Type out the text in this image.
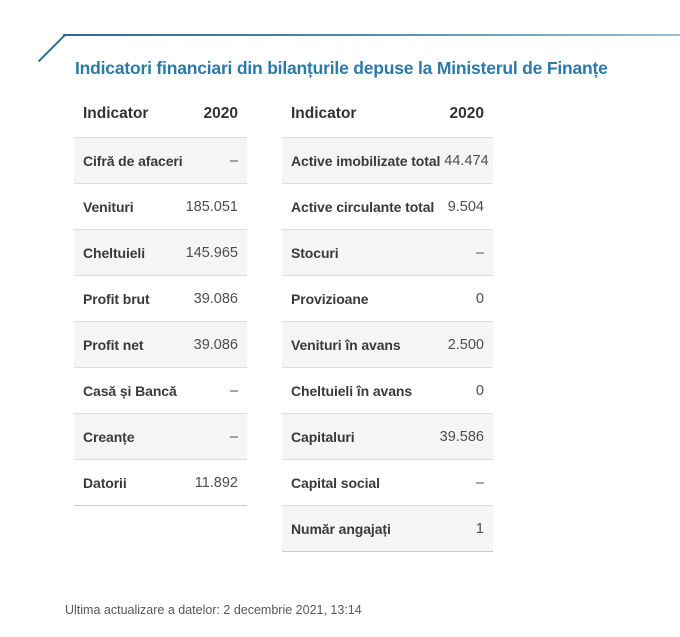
Indicatori financiari din bilanțurile depuse la Ministerul de Finanțe
Indicator	2020
Cifră de afaceri	–
Venituri	185.051
Cheltuieli	145.965
Profit brut	39.086
Profit net	39.086
Casă și Bancă	–
Creanțe	–
Datorii	11.892
Indicator	2020
Active imobilizate total 44.474
Active circulante total 9.504
Stocuri	–
Provizioane	0
Venituri în avans	2.500
Cheltuieli în avans	0
Capitaluri	39.586
Capital social	–
Număr angajați	1
Ultima actualizare a datelor: 2 decembrie 2021, 13:14
